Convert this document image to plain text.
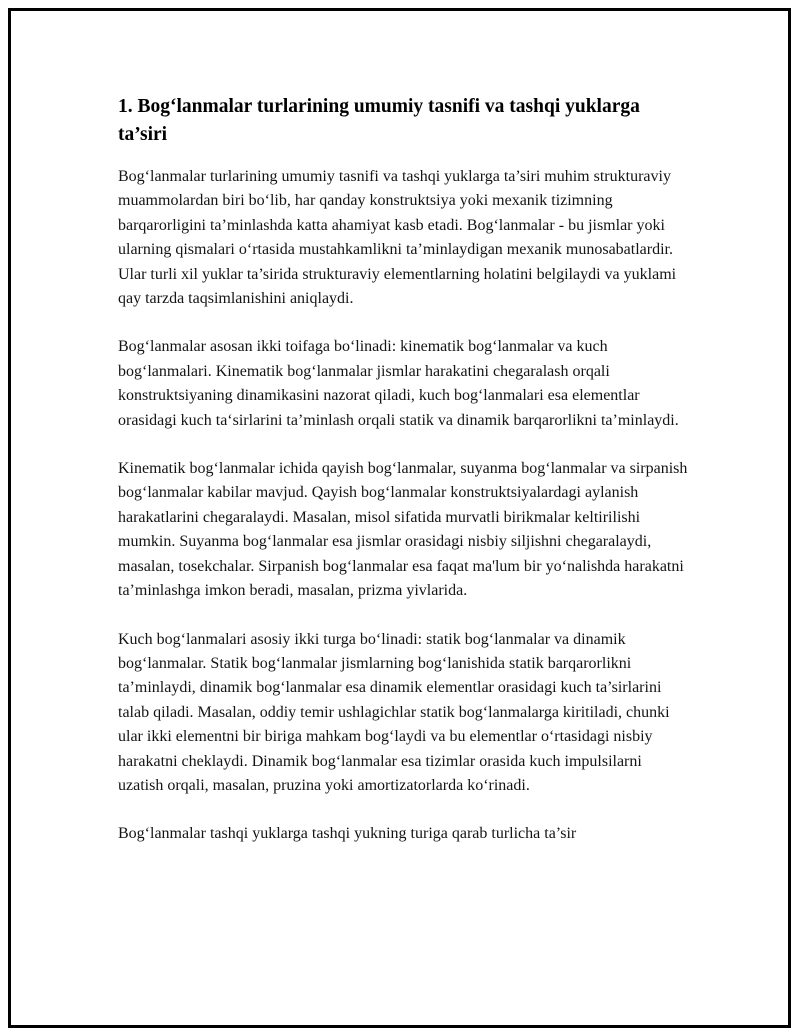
1. Bog‘lanmalar turlarining umumiy tasnifi va tashqi yuklarga ta’siri

Bog‘lanmalar turlarining umumiy tasnifi va tashqi yuklarga ta’siri muhim strukturaviy muammolardan biri bo‘lib, har qanday konstruktsiya yoki mexanik tizimning barqarorligini ta’minlashda katta ahamiyat kasb etadi. Bog‘lanmalar - bu jismlar yoki ularning qismalari o‘rtasida mustahkamlikni ta’minlaydigan mexanik munosabatlardir. Ular turli xil yuklar ta’sirida strukturaviy elementlarning holatini belgilaydi va yuklami qay tarzda taqsimlanishini aniqlaydi.

Bog‘lanmalar asosan ikki toifaga bo‘linadi: kinematik bog‘lanmalar va kuch bog‘lanmalari. Kinematik bog‘lanmalar jismlar harakatini chegaralash orqali konstruktsiyaning dinamikasini nazorat qiladi, kuch bog‘lanmalari esa elementlar orasidagi kuch ta‘sirlarini ta’minlash orqali statik va dinamik barqarorlikni ta’minlaydi.

Kinematik bog‘lanmalar ichida qayish bog‘lanmalar, suyanma bog‘lanmalar va sirpanish bog‘lanmalar kabilar mavjud. Qayish bog‘lanmalar konstruktsiyalardagi aylanish harakatlarini chegaralaydi. Masalan, misol sifatida murvatli birikmalar keltirilishi mumkin. Suyanma bog‘lanmalar esa jismlar orasidagi nisbiy siljishni chegaralaydi, masalan, tosekchalar. Sirpanish bog‘lanmalar esa faqat ma'lum bir yo‘nalishda harakatni ta’minlashga imkon beradi, masalan, prizma yivlarida.

Kuch bog‘lanmalari asosiy ikki turga bo‘linadi: statik bog‘lanmalar va dinamik bog‘lanmalar. Statik bog‘lanmalar jismlarning bog‘lanishida statik barqarorlikni ta’minlaydi, dinamik bog‘lanmalar esa dinamik elementlar orasidagi kuch ta’sirlarini talab qiladi. Masalan, oddiy temir ushlagichlar statik bog‘lanmalarga kiritiladi, chunki ular ikki elementni bir biriga mahkam bog‘laydi va bu elementlar o‘rtasidagi nisbiy harakatni cheklaydi. Dinamik bog‘lanmalar esa tizimlar orasida kuch impulsilarni uzatish orqali, masalan, pruzina yoki amortizatorlarda ko‘rinadi.

Bog‘lanmalar tashqi yuklarga tashqi yukning turiga qarab turlicha ta’sir
